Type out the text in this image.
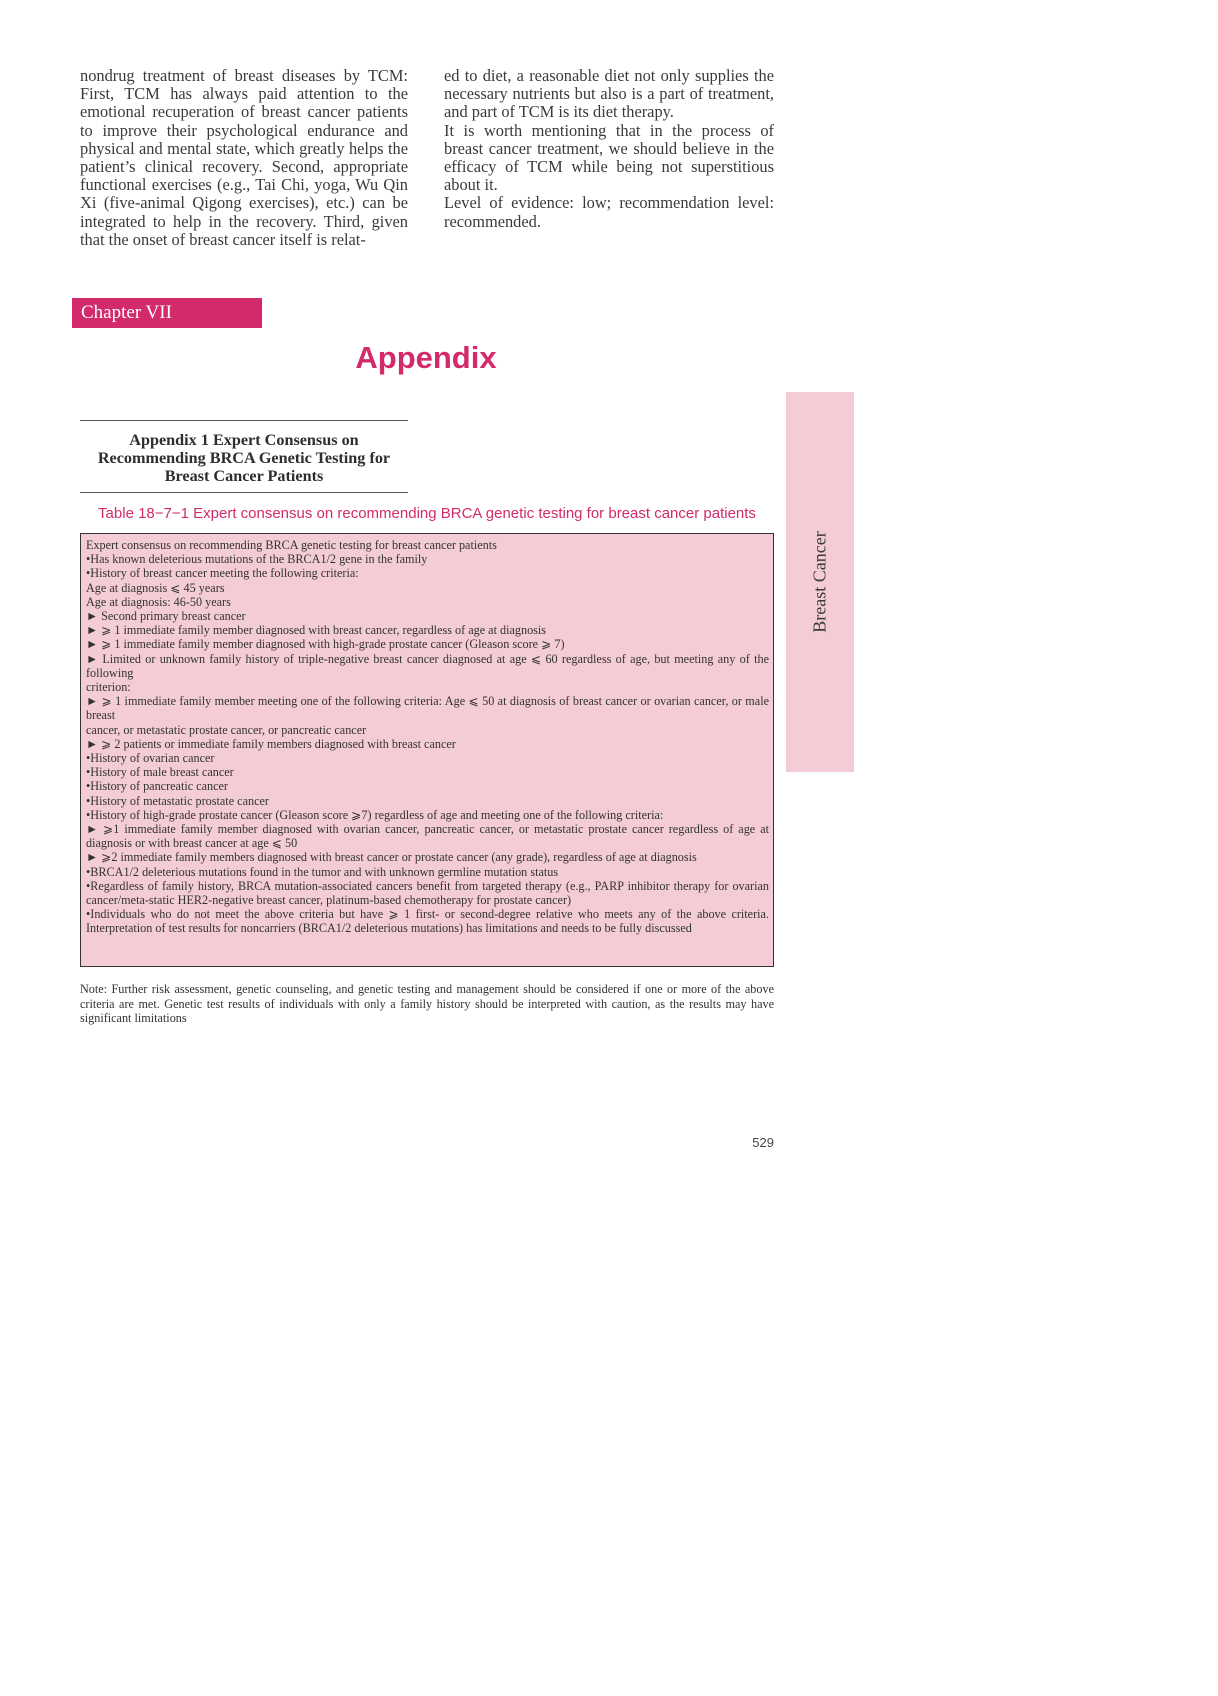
nondrug treatment of breast diseases by TCM: First, TCM has always paid attention to the emotional recuperation of breast cancer patients to improve their psychological endurance and physical and mental state, which greatly helps the patient’s clinical recovery. Second, appropriate functional exercises (e.g., Tai Chi, yoga, Wu Qin Xi (five-animal Qigong exercises), etc.) can be integrated to help in the recovery. Third, given that the onset of breast cancer itself is relat-

ed to diet, a reasonable diet not only supplies the necessary nutrients but also is a part of treatment, and part of TCM is its diet therapy.

It is worth mentioning that in the process of breast cancer treatment, we should believe in the efficacy of TCM while being not superstitious about it.

Level of evidence: low; recommendation level: recommended.

Chapter VII
Appendix
Breast Cancer
Appendix 1 Expert Consensus on
Recommending BRCA Genetic Testing for
Breast Cancer Patients
Table 18−7−1 Expert consensus on recommending BRCA genetic testing for breast cancer patients
Expert consensus on recommending BRCA genetic testing for breast cancer patients
•Has known deleterious mutations of the BRCA1/2 gene in the family
•History of breast cancer meeting the following criteria:
Age at diagnosis ⩽ 45 years
Age at diagnosis: 46-50 years
► Second primary breast cancer
► ⩾ 1 immediate family member diagnosed with breast cancer, regardless of age at diagnosis
► ⩾ 1 immediate family member diagnosed with high-grade prostate cancer (Gleason score ⩾ 7)
► Limited or unknown family history of triple-negative breast cancer diagnosed at age ⩽ 60 regardless of age, but meeting any of the following
criterion:
► ⩾ 1 immediate family member meeting one of the following criteria: Age ⩽ 50 at diagnosis of breast cancer or ovarian cancer, or male breast
cancer, or metastatic prostate cancer, or pancreatic cancer
► ⩾ 2 patients or immediate family members diagnosed with breast cancer
•History of ovarian cancer
•History of male breast cancer
•History of pancreatic cancer
•History of metastatic prostate cancer
•History of high-grade prostate cancer (Gleason score ⩾7) regardless of age and meeting one of the following criteria:
► ⩾1 immediate family member diagnosed with ovarian cancer, pancreatic cancer, or metastatic prostate cancer regardless of age at diagnosis or with breast cancer at age ⩽ 50
► ⩾2 immediate family members diagnosed with breast cancer or prostate cancer (any grade), regardless of age at diagnosis
•BRCA1/2 deleterious mutations found in the tumor and with unknown germline mutation status
•Regardless of family history, BRCA mutation-associated cancers benefit from targeted therapy (e.g., PARP inhibitor therapy for ovarian cancer/meta-static HER2-negative breast cancer, platinum-based chemotherapy for prostate cancer)
•Individuals who do not meet the above criteria but have ⩾ 1 first- or second-degree relative who meets any of the above criteria. Interpretation of test results for noncarriers (BRCA1/2 deleterious mutations) has limitations and needs to be fully discussed
Note: Further risk assessment, genetic counseling, and genetic testing and management should be considered if one or more of the above criteria are met. Genetic test results of individuals with only a family history should be interpreted with caution, as the results may have significant limitations
529
